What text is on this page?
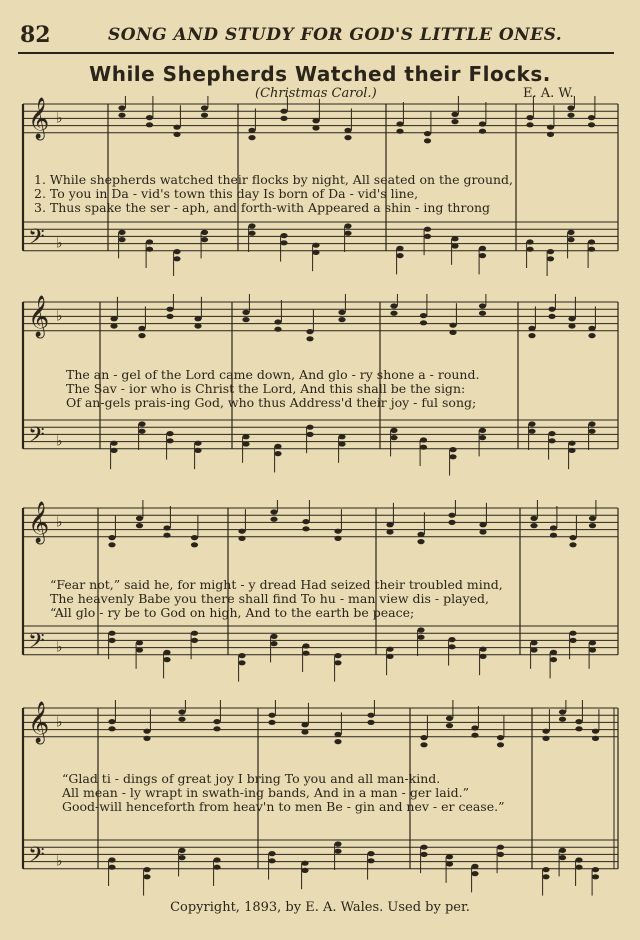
82	SONG AND STUDY FOR GOD'S LITTLE ONES.
While Shepherds Watched their Flocks.
(Christmas Carol.)	E. A. W.
𝄞 ♭
𝄢 ♭
1. While shepherds watched their flocks by night, All seated on the ground,
2. To you in Da - vid's town this day Is born of Da - vid's line,
3. Thus spake the ser - aph, and forth-with Appeared a shin - ing throng
𝄞 ♭
𝄢 ♭
The an - gel of the Lord came down, And glo - ry shone a - round.
The Sav - ior who is Christ the Lord, And this shall be the sign:
Of an-gels prais-ing God, who thus Address'd their joy - ful song;
𝄞 ♭
𝄢 ♭
“Fear not,” said he, for might - y dread Had seized their troubled mind,
The heavenly Babe you there shall find To hu - man view dis - played,
“All glo - ry be to God on high, And to the earth be peace;
𝄞 ♭
𝄢 ♭
“Glad ti - dings of great joy I bring To you and all man-kind.
All mean - ly wrapt in swath-ing bands, And in a man - ger laid.”
Good-will henceforth from heav'n to men Be - gin and nev - er cease.”
Copyright, 1893, by E. A. Wales. Used by per.
